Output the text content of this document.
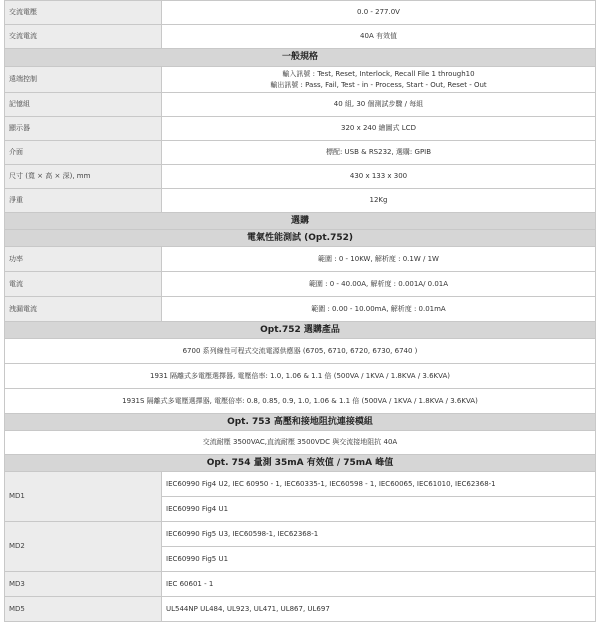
交流電壓	0.0 - 277.0V
交流電流	40A 有效值
一般規格	
遠端控制	輸入訊號 : Test, Reset, Interlock, Recall File 1 through10
輸出訊號 : Pass, Fail, Test - in - Process, Start - Out, Reset - Out

記憶組	40 組, 30 個測試步驟 / 每組
顯示器	320 x 240 繪圖式 LCD
介面	標配: USB & RS232, 選購: GPIB
尺寸 (寬 × 高 × 深), mm	430 x 133 x 300
淨重	12Kg
選購	
電氣性能測試 (Opt.752)	
功率	範圍 : 0 - 10KW, 解析度 : 0.1W / 1W
電流	範圍 : 0 - 40.00A, 解析度 : 0.001A/ 0.01A
洩漏電流	範圍 : 0.00 - 10.00mA, 解析度 : 0.01mA
Opt.752 選購產品	
6700 系列線性可程式交流電源供應器 (6705, 6710, 6720, 6730, 6740 )	
1931 隔離式多電壓選擇器, 電壓倍率: 1.0, 1.06 & 1.1 倍 (500VA / 1KVA / 1.8KVA / 3.6KVA)	
1931S 隔離式多電壓選擇器, 電壓倍率: 0.8, 0.85, 0.9, 1.0, 1.06 & 1.1 倍 (500VA / 1KVA / 1.8KVA / 3.6KVA)	
Opt. 753 高壓和接地阻抗連接模組	
交流耐壓 3500VAC,直流耐壓 3500VDC 與交流接地阻抗 40A	
Opt. 754 量測 35mA 有效值 / 75mA 峰值	
MD1	IEC60990 Fig4 U2, IEC 60950 - 1, IEC60335-1, IEC60598 - 1, IEC60065, IEC61010, IEC62368-1
	IEC60990 Fig4 U1
MD2	IEC60990 Fig5 U3, IEC60598-1, IEC62368-1
	IEC60990 Fig5 U1
MD3	IEC 60601 - 1
MD5	UL544NP UL484, UL923, UL471, UL867, UL697
